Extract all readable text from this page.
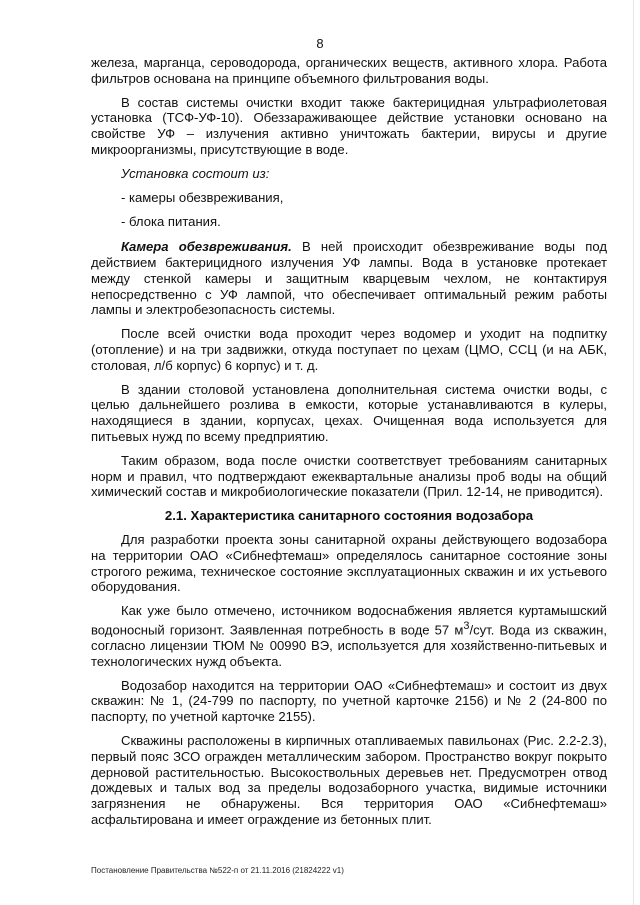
8

железа, марганца, сероводорода, органических веществ, активного хлора. Работа фильтров основана на принципе объемного фильтрования воды.

В состав системы очистки входит также бактерицидная ультрафиолетовая установка (ТСФ-УФ-10). Обеззараживающее действие установки основано на свойстве УФ – излучения активно уничтожать бактерии, вирусы и другие микроорганизмы, присутствующие в воде.

Установка состоит из:

- камеры обезвреживания,

- блока питания.

Камера обезвреживания. В ней происходит обезвреживание воды под действием бактерицидного излучения УФ лампы. Вода в установке протекает между стенкой камеры и защитным кварцевым чехлом, не контактируя непосредственно с УФ лампой, что обеспечивает оптимальный режим работы лампы и электробезопасность системы.

После всей очистки вода проходит через водомер и уходит на подпитку (отопление) и на три задвижки, откуда поступает по цехам (ЦМО, ССЦ (и на АБК, столовая, л/б корпус) 6 корпус) и т. д.

В здании столовой установлена дополнительная система очистки воды, с целью дальнейшего розлива в емкости, которые устанавливаются в кулеры, находящиеся в здании, корпусах, цехах. Очищенная вода используется для питьевых нужд по всему предприятию.

Таким образом, вода после очистки соответствует требованиям санитарных норм и правил, что подтверждают ежеквартальные анализы проб воды на общий химический состав и микробиологические показатели (Прил. 12-14, не приводится).

2.1. Характеристика санитарного состояния водозабора

Для разработки проекта зоны санитарной охраны действующего водозабора на территории ОАО «Сибнефтемаш» определялось санитарное состояние зоны строгого режима, техническое состояние эксплуатационных скважин и их устьевого оборудования.

Как уже было отмечено, источником водоснабжения является куртамышский водоносный горизонт. Заявленная потребность в воде 57 $м^3$/сут. Вода из скважин, согласно лицензии ТЮМ № 00990 ВЭ, используется для хозяйственно-питьевых и технологических нужд объекта.

Водозабор находится на территории ОАО «Сибнефтемаш» и состоит из двух скважин: № 1, (24-799 по паспорту, по учетной карточке 2156) и № 2 (24-800 по паспорту, по учетной карточке 2155).

Скважины расположены в кирпичных отапливаемых павильонах (Рис. 2.2-2.3), первый пояс ЗСО огражден металлическим забором. Пространство вокруг покрыто дерновой растительностью. Высокоствольных деревьев нет. Предусмотрен отвод дождевых и талых вод за пределы водозаборного участка, видимые источники загрязнения не обнаружены. Вся территория ОАО «Сибнефтемаш» асфальтирована и имеет ограждение из бетонных плит.

Постановление Правительства №522-п от 21.11.2016 (21824222 v1)
